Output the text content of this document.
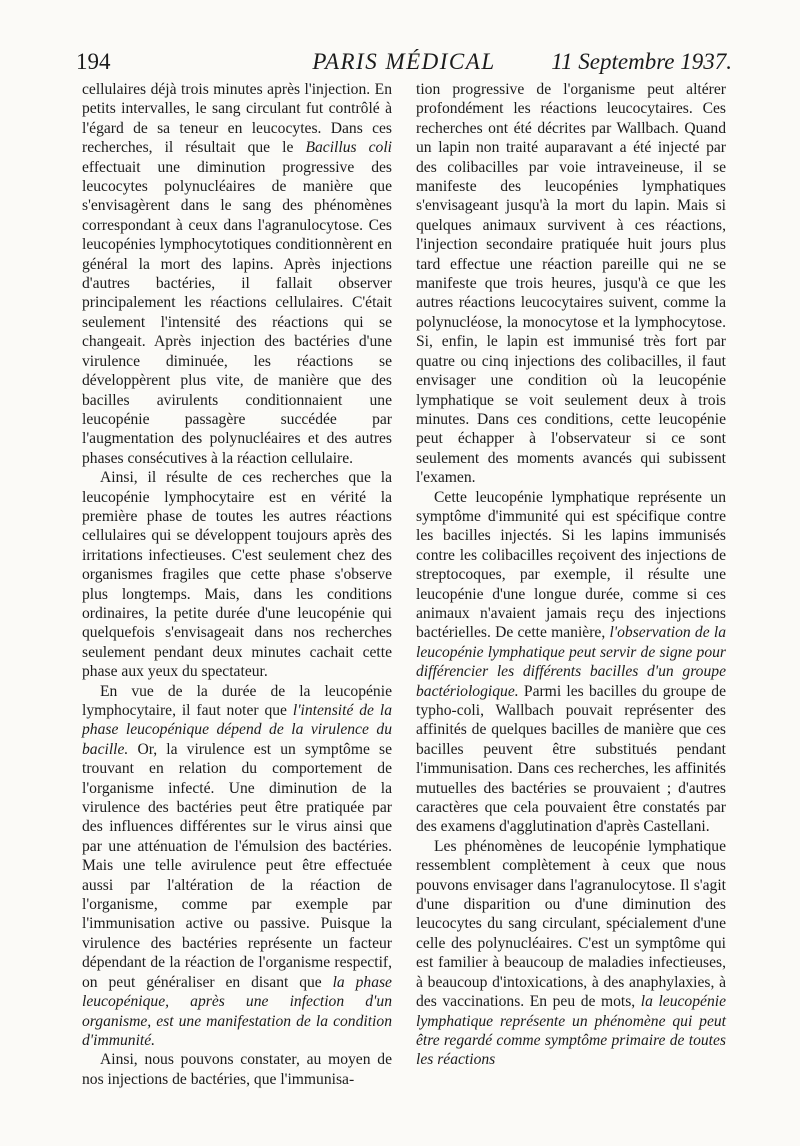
194	PARIS MÉDICAL	11 Septembre 1937.

cellulaires déjà trois minutes après l'injection. En petits intervalles, le sang circulant fut contrôlé à l'égard de sa teneur en leucocytes. Dans ces recherches, il résultait que le Bacillus coli effectuait une diminution progressive des leucocytes polynucléaires de manière que s'envisagèrent dans le sang des phénomènes correspondant à ceux dans l'agranulocytose. Ces leucopénies lymphocytotiques conditionnèrent en général la mort des lapins. Après injections d'autres bactéries, il fallait observer principalement les réactions cellulaires. C'était seulement l'intensité des réactions qui se changeait. Après injection des bactéries d'une virulence diminuée, les réactions se développèrent plus vite, de manière que des bacilles avirulents conditionnaient une leucopénie passagère succédée par l'augmentation des polynucléaires et des autres phases consécutives à la réaction cellulaire.

Ainsi, il résulte de ces recherches que la leucopénie lymphocytaire est en vérité la première phase de toutes les autres réactions cellulaires qui se développent toujours après des irritations infectieuses. C'est seulement chez des organismes fragiles que cette phase s'observe plus longtemps. Mais, dans les conditions ordinaires, la petite durée d'une leucopénie qui quelquefois s'envisageait dans nos recherches seulement pendant deux minutes cachait cette phase aux yeux du spectateur.

En vue de la durée de la leucopénie lymphocytaire, il faut noter que l'intensité de la phase leucopénique dépend de la virulence du bacille. Or, la virulence est un symptôme se trouvant en relation du comportement de l'organisme infecté. Une diminution de la virulence des bactéries peut être pratiquée par des influences différentes sur le virus ainsi que par une atténuation de l'émulsion des bactéries. Mais une telle avirulence peut être effectuée aussi par l'altération de la réaction de l'organisme, comme par exemple par l'immunisation active ou passive. Puisque la virulence des bactéries représente un facteur dépendant de la réaction de l'organisme respectif, on peut généraliser en disant que la phase leucopénique, après une infection d'un organisme, est une manifestation de la condition d'immunité.

Ainsi, nous pouvons constater, au moyen de nos injections de bactéries, que l'immunisa-

tion progressive de l'organisme peut altérer profondément les réactions leucocytaires. Ces recherches ont été décrites par Wallbach. Quand un lapin non traité auparavant a été injecté par des colibacilles par voie intraveineuse, il se manifeste des leucopénies lymphatiques s'envisageant jusqu'à la mort du lapin. Mais si quelques animaux survivent à ces réactions, l'injection secondaire pratiquée huit jours plus tard effectue une réaction pareille qui ne se manifeste que trois heures, jusqu'à ce que les autres réactions leucocytaires suivent, comme la polynucléose, la monocytose et la lymphocytose. Si, enfin, le lapin est immunisé très fort par quatre ou cinq injections des colibacilles, il faut envisager une condition où la leucopénie lymphatique se voit seulement deux à trois minutes. Dans ces conditions, cette leucopénie peut échapper à l'observateur si ce sont seulement des moments avancés qui subissent l'examen.

Cette leucopénie lymphatique représente un symptôme d'immunité qui est spécifique contre les bacilles injectés. Si les lapins immunisés contre les colibacilles reçoivent des injections de streptocoques, par exemple, il résulte une leucopénie d'une longue durée, comme si ces animaux n'avaient jamais reçu des injections bactérielles. De cette manière, l'observation de la leucopénie lymphatique peut servir de signe pour différencier les différents bacilles d'un groupe bactériologique. Parmi les bacilles du groupe de typho-coli, Wallbach pouvait représenter des affinités de quelques bacilles de manière que ces bacilles peuvent être substitués pendant l'immunisation. Dans ces recherches, les affinités mutuelles des bactéries se prouvaient ; d'autres caractères que cela pouvaient être constatés par des examens d'agglutination d'après Castellani.

Les phénomènes de leucopénie lymphatique ressemblent complètement à ceux que nous pouvons envisager dans l'agranulocytose. Il s'agit d'une disparition ou d'une diminution des leucocytes du sang circulant, spécialement d'une celle des polynucléaires. C'est un symptôme qui est familier à beaucoup de maladies infectieuses, à beaucoup d'intoxications, à des anaphylaxies, à des vaccinations. En peu de mots, la leucopénie lymphatique représente un phénomène qui peut être regardé comme symptôme primaire de toutes les réactions
